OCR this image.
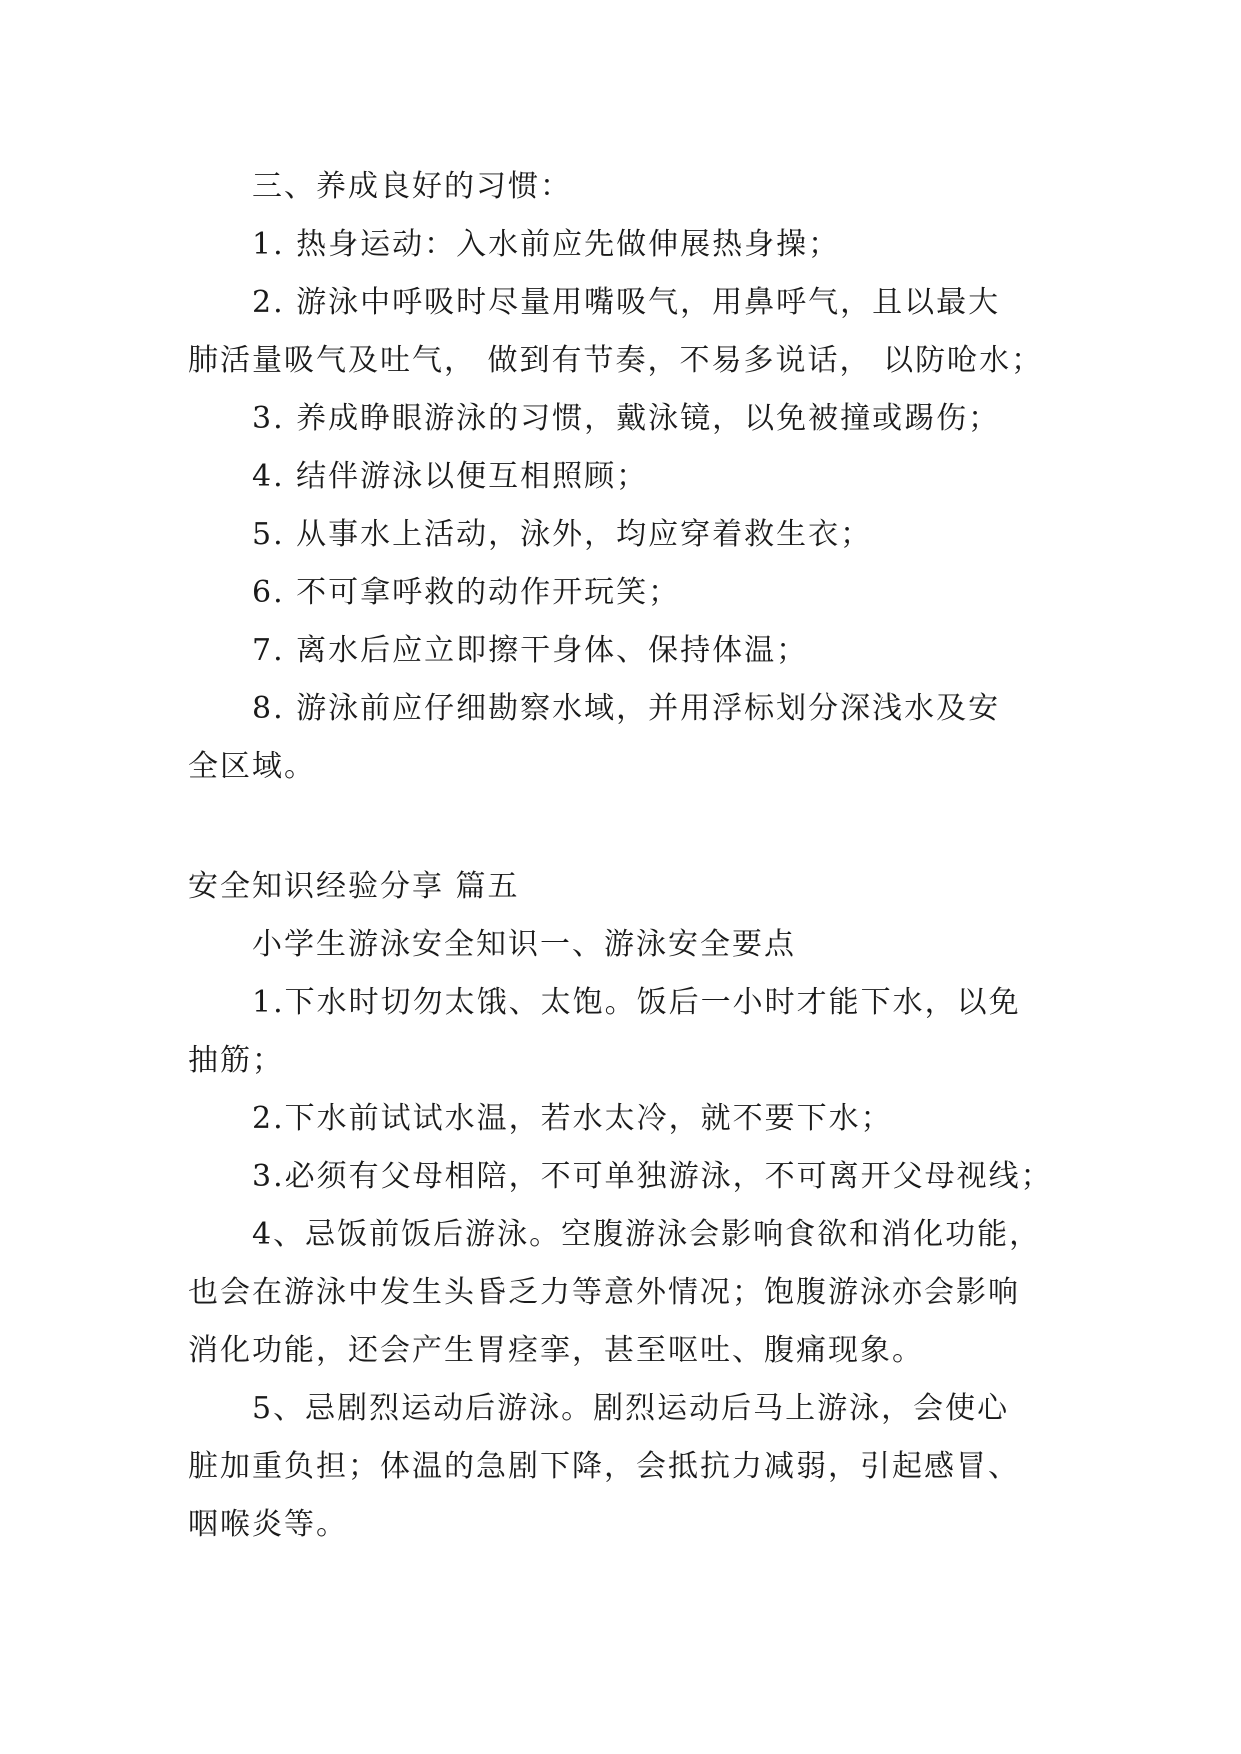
三、养成良好的习惯：
1. 热身运动：入水前应先做伸展热身操；
2. 游泳中呼吸时尽量用嘴吸气，用鼻呼气，且以最大
肺活量吸气及吐气， 做到有节奏，不易多说话， 以防呛水；
3. 养成睁眼游泳的习惯，戴泳镜，以免被撞或踢伤；
4. 结伴游泳以便互相照顾；
5. 从事水上活动，泳外，均应穿着救生衣；
6. 不可拿呼救的动作开玩笑；
7. 离水后应立即擦干身体、保持体温；
8. 游泳前应仔细勘察水域，并用浮标划分深浅水及安
全区域。
安全知识经验分享 篇五
小学生游泳安全知识一、游泳安全要点
1.下水时切勿太饿、太饱。饭后一小时才能下水，以免
抽筋；
2.下水前试试水温，若水太冷，就不要下水；
3.必须有父母相陪，不可单独游泳，不可离开父母视线；
4、忌饭前饭后游泳。空腹游泳会影响食欲和消化功能，
也会在游泳中发生头昏乏力等意外情况；饱腹游泳亦会影响
消化功能，还会产生胃痉挛，甚至呕吐、腹痛现象。
5、忌剧烈运动后游泳。剧烈运动后马上游泳，会使心
脏加重负担；体温的急剧下降，会抵抗力减弱，引起感冒、
咽喉炎等。
